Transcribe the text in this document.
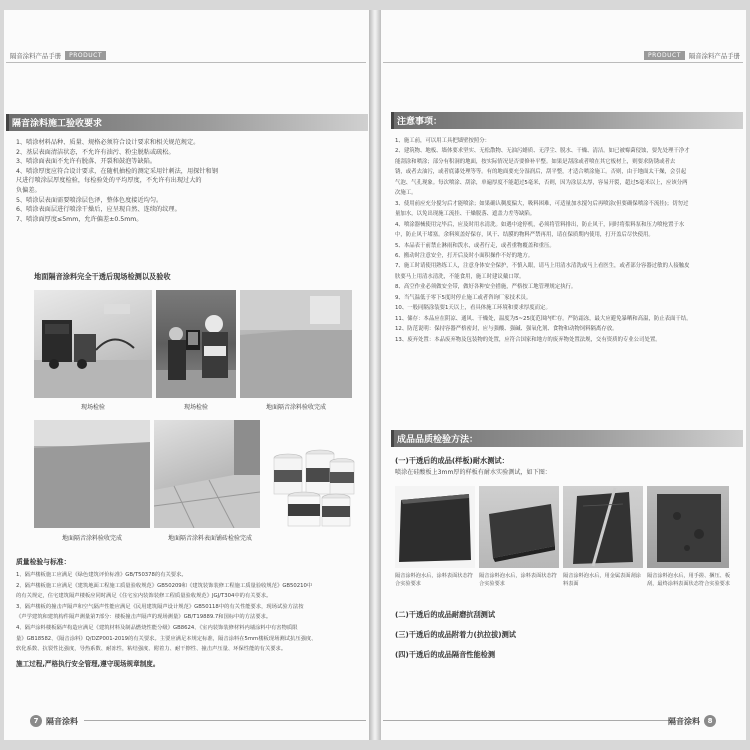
隔音涂料产品手册	PRODUCT
隔音涂料施工验收要求
1、喷涂材料品种、质量、规格必须符合设计要求和相关规范规定。
2、基层表面清洁状态，不允许有油污、粉尘脱粘或疏松。
3、喷涂面表面不允许有脱落、开裂和鼓泡等缺陷。
4、喷涂厚度应符合设计要求，在随机抽检的测定采用针刺法，用探针和钢
尺进行喷涂层厚度检验，每检验处的平均厚度，不允许有出现过大的
负偏差。
5、喷涂层表面需要喷涂层色泽，整体色度接近均匀。
6、喷涂表面层进行喷涂干燥后，应呈现自然、连续的纹理。
7、喷涂面厚度≤5mm，允许偏差±0.5mm。
地面隔音涂料完全干透后现场检测以及验收
现场检验	现场检验	地面隔音涂料验收完成
地面隔音涂料验收完成	地面隔音涂料表面铺砖检验完成
质量检验与标准：
1、隔声楼板施工应满足《绿色建筑评价标准》GB/T50378的有关要求。
2、隔声楼板施工应满足《建筑地面工程施工质量验收规范》GB50209和《建筑装饰装修工程施工质量验收规范》GB50210中
的有关规定，住宅建筑隔声楼板应同时满足《住宅室内装饰装修工程质量验收规范》JGJ/T304中的有关要求。
3、隔声楼板的撞击声隔声和空气隔声性能应满足《民用建筑隔声设计规范》GB50118中的有关性能要求，现场试验方法按
《声学建筑和建筑构件隔声测量第7部分：楼板撞击声隔声的现场测量》GB/T19889.7和国标中的方法要求。
4、隔声涂料楼板隔声构造应满足《建筑材料及制品燃烧性能分级》GB8624、《室内装饰装修材料内墙涂料中有害物质限
量》GB18582、《隔音涂料》Q/DZP001-2019的有关要求。主要应满足本规定标准，隔音涂料在5mm楼板现场测试抗压强度、
软化系数、抗裂性比强度，导热系数、耐冻性，粘结强度、附着力、耐干擦性、撞击声压量、环保性能的有关要求。
施工过程,严格执行安全管理,遵守现场规章制度。
7 隔音涂料
PRODUCT	隔音涂料产品手册
注意事项：
1、施工前，可以用工具把墙壁按照分：
2、建筑物、地板、墙体要求坚实、无松散物、无油污蜡质、无浮尘、脱水、干燥、清洁。如已被霉菌侵蚀，要先处理干净才
能刮涂和喷涂；部分有积洞的地面，按实际情况是否要修补平整。如果是刮涂或者喷在其它板材上，则要求防锈或者去
锈，或者去油污，或者底漆处理等等。有的地面要充分湿润后，刮平整，才适合喷涂施工。否则，由于地面太干燥，会引起
气泡、气孔现象。每次喷涂、刮涂，单遍厚度不能超过5毫米，否则，因为涂层太厚，容易开裂，超过5毫米以上，应该分两
次施工。
3、使用前应充分搅匀后才能喷涂；如果确认稠度偏大，吸料困难，可适量加水搅匀后再喷涂(但要确保喷涂不流挂)；切勿过
量加水，以免出现施工流挂、干燥脱落、遮盖力差等缺陷。
4、喷涂器械使用完毕后，应及时用水清洗。如遇中途停机，必须将管料排出，防止风干，同时将浆料泵和压力喷枪置于水
中，防止风干堵塞。余料须盖好保存，风干、结膜的物料严禁再用，请在保质期内使用，打开盖后尽快使用。
5、本品表干前禁止淋雨和泼水，或者行走，或者重物覆盖和重压。
6、搬动时注意安全，打开后及时小面积操作不好的地方。
7、施工时请使用熟练工人，注意身体安全保护，不慎入眼，请马上用清水清洗或马上看医生，或者部分容器过敏的人接触皮
肤要马上用清水清洗，不能食用，施工时建议戴口罩。
8、高空作业必须做安全带，做好各种安全措施，严格按工地管理规定执行。
9、当气温低于零下5度时停止施工或者咨询厂家技术员。
10、一般同隔涂装要1天以上，看具体施工环境和要求厚度而定。
11、储存：本品应在阴凉、通风、干燥处，温度为5~25度范围内贮存。严防霜冻，最大应避免暴晒和高温，防止表面干结。
12、防范说明：保持容器严格密封，应与强酸、强碱、强氧化剂、食物和动物饲料隔离存放。
13、废弃处置：本品废弃物及包装物的处置，应符合国家和地方的废弃物处置法规，交有资质的专业公司处置。
成品品质检验方法：
(一)干透后的成品(样板)耐水测试：
喷涂在硅酸板上3mm厚的样板有耐水实验测试，如下图：
隔音涂料泡水后，涂料表面状态符合实验要求
隔音涂料泡水后，涂料表面状态符合实验要求
隔音涂料泡水后，用金属表面刮涂料表面
隔音涂料泡水后，用手搓、捆压、板刮，最终涂料表面状态符合实验要求
(二)干透后的成品耐磨抗刮测试
(三)干透后的成品附着力(抗拉拔)测试
(四)干透后的成品隔音性能检测
隔音涂料	8
